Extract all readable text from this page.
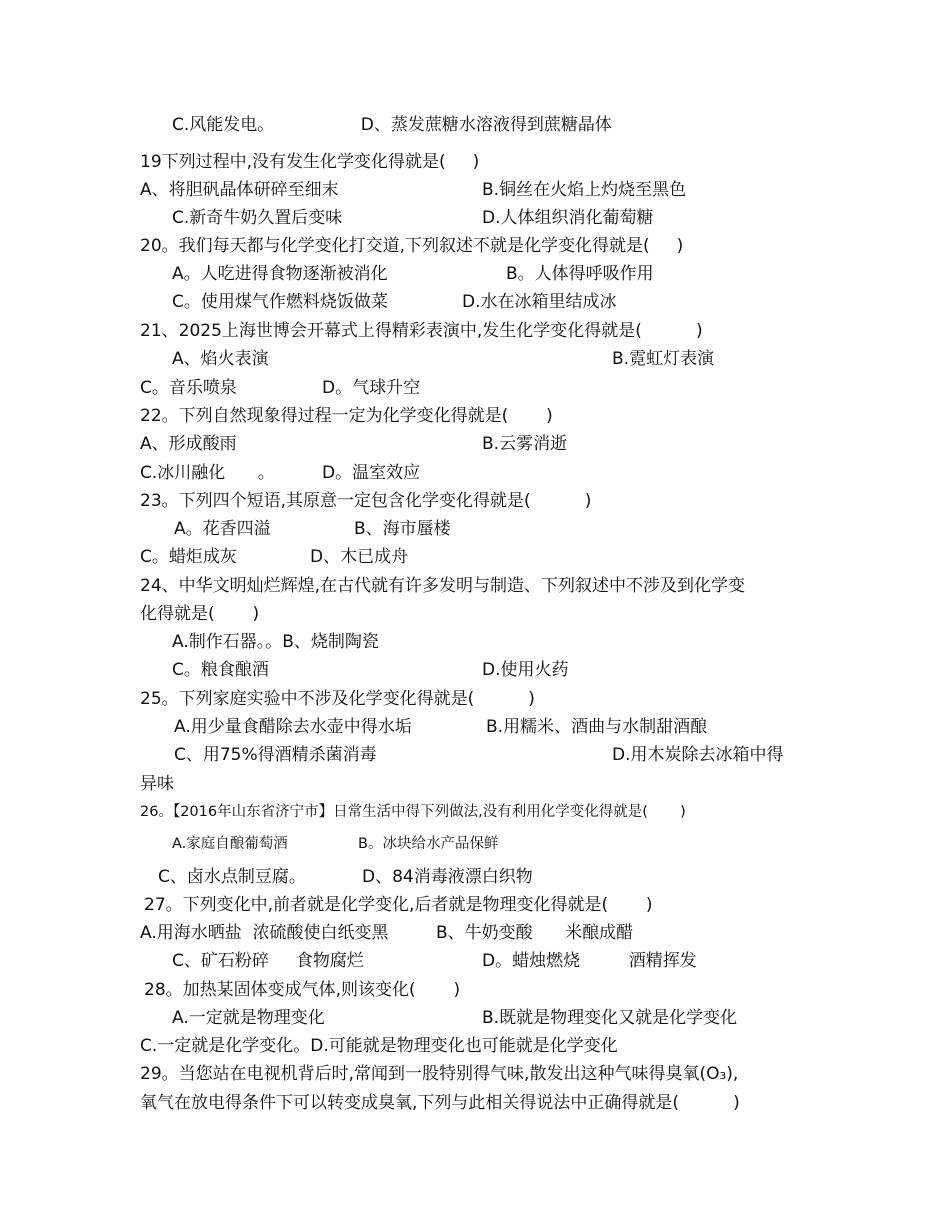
C.风能发电。                D、蒸发蔗糖水溶液得到蔗糖晶体
19下列过程中,没有发生化学变化得就是(     )
A、将胆矾晶体研碎至细末	B.铜丝在火焰上灼烧至黑色
C.新奇牛奶久置后变味	D.人体组织消化葡萄糖
20。我们每天都与化学变化打交道,下列叙述不就是化学变化得就是(     )
A。人吃进得食物逐渐被消化	B。人体得呼吸作用
C。使用煤气作燃料烧饭做菜	D.水在冰箱里结成冰
21、2025上海世博会开幕式上得精彩表演中,发生化学变化得就是(          )
A、焰火表演	B.霓虹灯表演
C。音乐喷泉	D。气球升空
22。下列自然现象得过程一定为化学变化得就是(       )
A、形成酸雨	B.云雾消逝
C.冰川融化      。	D。温室效应
23。下列四个短语,其原意一定包含化学变化得就是(          )
A。花香四溢	B、海市蜃楼
C。蜡炬成灰	D、木已成舟
24、中华文明灿烂辉煌,在古代就有许多发明与制造、下列叙述中不涉及到化学变
化得就是(       )
A.制作石器。。B、烧制陶瓷
C。粮食酿酒	D.使用火药
25。下列家庭实验中不涉及化学变化得就是(          )
A.用少量食醋除去水壶中得水垢	B.用糯米、酒曲与水制甜酒酿
C、用75%得酒精杀菌消毒	D.用木炭除去冰箱中得
异味
26。【2016年山东省济宁市】日常生活中得下列做法,没有利用化学变化得就是(       )
A.家庭自酿葡萄酒	B。冰块给水产品保鲜
C、卤水点制豆腐。	D、84消毒液漂白织物
27。下列变化中,前者就是化学变化,后者就是物理变化得就是(       )
A.用海水晒盐  浓硫酸使白纸变黑	B、牛奶变酸      米酿成醋
C、矿石粉碎     食物腐烂	D。蜡烛燃烧         酒精挥发
28。加热某固体变成气体,则该变化(       )
A.一定就是物理变化	B.既就是物理变化又就是化学变化
C.一定就是化学变化。D.可能就是物理变化也可能就是化学变化
29。当您站在电视机背后时,常闻到一股特别得气味,散发出这种气味得臭氧(O₃),
氧气在放电得条件下可以转变成臭氧,下列与此相关得说法中正确得就是(          )
